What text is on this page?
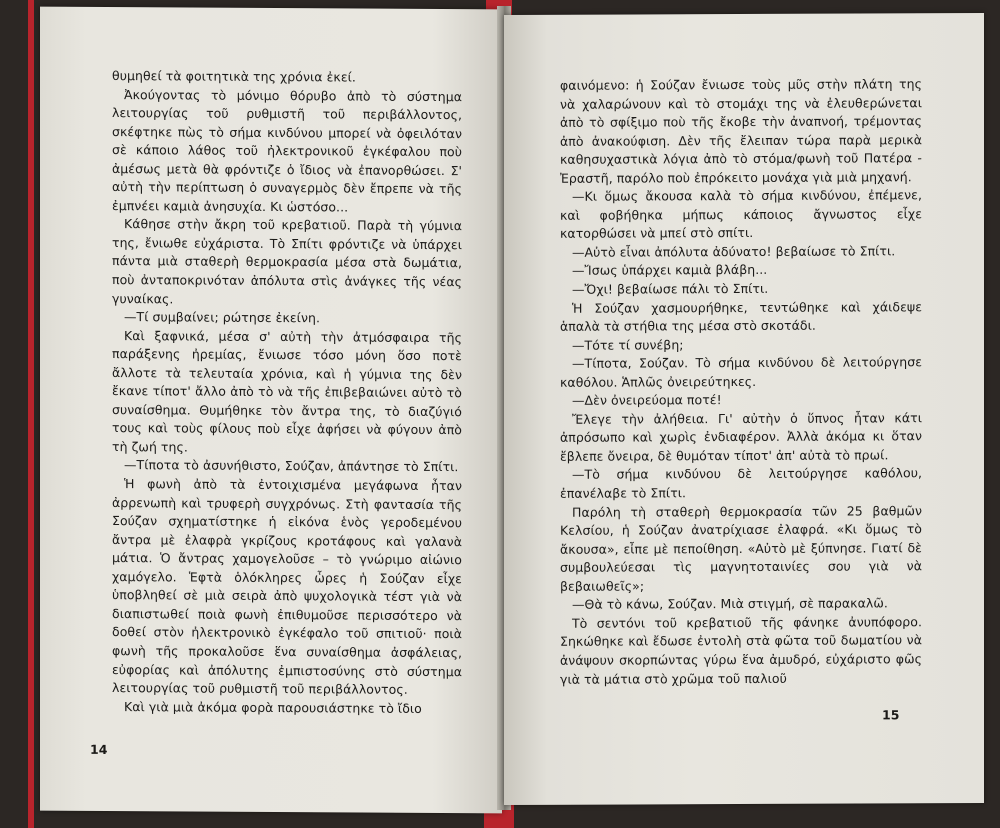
θυμηθεί τὰ φοιτητικὰ της χρόνια ἐκεί.

Ἀκούγοντας τὸ μόνιμο θόρυβο ἀπὸ τὸ σύστημα λειτουργίας τοῦ ρυθμιστῆ τοῦ περιβάλλοντος, σκέφτηκε πὼς τὸ σήμα κινδύνου μπορεί νὰ ὀφειλόταν σὲ κάποιο λάθος τοῦ ἠλεκτρονικοῦ ἐγκέφαλου ποὺ ἀμέσως μετὰ θὰ φρόντιζε ὁ ἴδιος νὰ ἐπανορθώσει. Σ' αὐτὴ τὴν περίπτωση ὁ συναγερμὸς δὲν ἔπρεπε νὰ τῆς ἐμπνέει καμιὰ ἀνησυχία. Κι ὡστόσο...

Κάθησε στὴν ἄκρη τοῦ κρεβατιοῦ. Παρὰ τὴ γύμνια της, ἔνιωθε εὐχάριστα. Τὸ Σπίτι φρόντιζε νὰ ὑπάρχει πάντα μιὰ σταθερὴ θερμοκρασία μέσα στὰ δωμάτια, ποὺ ἀνταποκρινόταν ἀπόλυτα στὶς ἀνάγκες τῆς νέας γυναίκας.

—Τί συμβαίνει; ρώτησε ἐκείνη.

Καὶ ξαφνικά, μέσα σ' αὐτὴ τὴν ἀτμόσφαιρα τῆς παράξενης ἠρεμίας, ἔνιωσε τόσο μόνη ὅσο ποτὲ ἄλλοτε τὰ τελευταία χρόνια, καὶ ἡ γύμνια της δὲν ἔκανε τίποτ' ἄλλο ἀπὸ τὸ νὰ τῆς ἐπιβεβαιώνει αὐτὸ τὸ συναίσθημα. Θυμήθηκε τὸν ἄντρα της, τὸ διαζύγιό τους καὶ τοὺς φίλους ποὺ εἶχε ἀφήσει νὰ φύγουν ἀπὸ τὴ ζωή της.

—Τίποτα τὸ ἀσυνήθιστο, Σούζαν, ἀπάντησε τὸ Σπίτι.

Ἡ φωνὴ ἀπὸ τὰ ἐντοιχισμένα μεγάφωνα ἦταν ἀρρενωπὴ καὶ τρυφερὴ συγχρόνως. Στὴ φαντασία τῆς Σούζαν σχηματίστηκε ἡ εἰκόνα ἑνὸς γεροδεμένου ἄντρα μὲ ἐλαφρὰ γκρίζους κροτάφους καὶ γαλανὰ μάτια. Ὁ ἄντρας χαμογελοῦσε – τὸ γνώριμο αἰώνιο χαμόγελο. Ἑφτὰ ὁλόκληρες ὧρες ἡ Σούζαν εἶχε ὑποβληθεί σὲ μιὰ σειρὰ ἀπὸ ψυχολογικὰ τέστ γιὰ νὰ διαπιστωθεί ποιὰ φωνὴ ἐπιθυμοῦσε περισσότερο νὰ δοθεί στὸν ἠλεκτρονικὸ ἐγκέφαλο τοῦ σπιτιοῦ· ποιὰ φωνὴ τῆς προκαλοῦσε ἕνα συναίσθημα ἀσφάλειας, εὐφορίας καὶ ἀπόλυτης ἐμπιστοσύνης στὸ σύστημα λειτουργίας τοῦ ρυθμιστῆ τοῦ περιβάλλοντος.

Καὶ γιὰ μιὰ ἀκόμα φορὰ παρουσιάστηκε τὸ ἴδιο

14

φαινόμενο: ἡ Σούζαν ἔνιωσε τοὺς μῦς στὴν πλάτη της νὰ χαλαρώνουν καὶ τὸ στομάχι της νὰ ἐλευθερώνεται ἀπὸ τὸ σφίξιμο ποὺ τῆς ἔκοβε τὴν ἀναπνοή, τρέμοντας ἀπὸ ἀνακούφιση. Δὲν τῆς ἔλειπαν τώρα παρὰ μερικὰ καθησυχαστικὰ λόγια ἀπὸ τὸ στόμα/φωνὴ τοῦ Πατέρα - Ἐραστῆ, παρόλο ποὺ ἐπρόκειτο μονάχα γιὰ μιὰ μηχανή.

—Κι ὅμως ἄκουσα καλὰ τὸ σήμα κινδύνου, ἐπέμενε, καὶ φοβήθηκα μήπως κάποιος ἄγνωστος εἶχε κατορθώσει νὰ μπεί στὸ σπίτι.

—Αὐτὸ εἶναι ἀπόλυτα ἀδύνατο! βεβαίωσε τὸ Σπίτι.

—Ἴσως ὑπάρχει καμιὰ βλάβη...

—Ὄχι! βεβαίωσε πάλι τὸ Σπίτι.

Ἡ Σούζαν χασμουρήθηκε, τεντώθηκε καὶ χάιδεψε ἁπαλὰ τὰ στήθια της μέσα στὸ σκοτάδι.

—Τότε τί συνέβη;

—Τίποτα, Σούζαν. Τὸ σήμα κινδύνου δὲ λειτούργησε καθόλου. Ἁπλῶς ὀνειρεύτηκες.

—Δὲν ὀνειρεύομα ποτέ!

Ἔλεγε τὴν ἀλήθεια. Γι' αὐτὴν ὁ ὕπνος ἦταν κάτι ἀπρόσωπο καὶ χωρὶς ἐνδιαφέρον. Ἀλλὰ ἀκόμα κι ὅταν ἔβλεπε ὄνειρα, δὲ θυμόταν τίποτ' ἀπ' αὐτὰ τὸ πρωί.

—Τὸ σήμα κινδύνου δὲ λειτούργησε καθόλου, ἐπανέλαβε τὸ Σπίτι.

Παρόλη τὴ σταθερὴ θερμοκρασία τῶν 25 βαθμῶν Κελσίου, ἡ Σούζαν ἀνατρίχιασε ἐλαφρά. «Κι ὅμως τὸ ἄκουσα», εἶπε μὲ πεποίθηση. «Αὐτὸ μὲ ξύπνησε. Γιατί δὲ συμβουλεύεσαι τὶς μαγνητοταινίες σου γιὰ νὰ βεβαιωθεῖς»;

—Θὰ τὸ κάνω, Σούζαν. Μιὰ στιγμή, σὲ παρακαλῶ.

Τὸ σεντόνι τοῦ κρεβατιοῦ τῆς φάνηκε ἀνυπόφορο. Σηκώθηκε καὶ ἔδωσε ἐντολὴ στὰ φῶτα τοῦ δωματίου νὰ ἀνάψουν σκορπώντας γύρω ἕνα ἀμυδρό, εὐχάριστο φῶς γιὰ τὰ μάτια στὸ χρῶμα τοῦ παλιοῦ

15
